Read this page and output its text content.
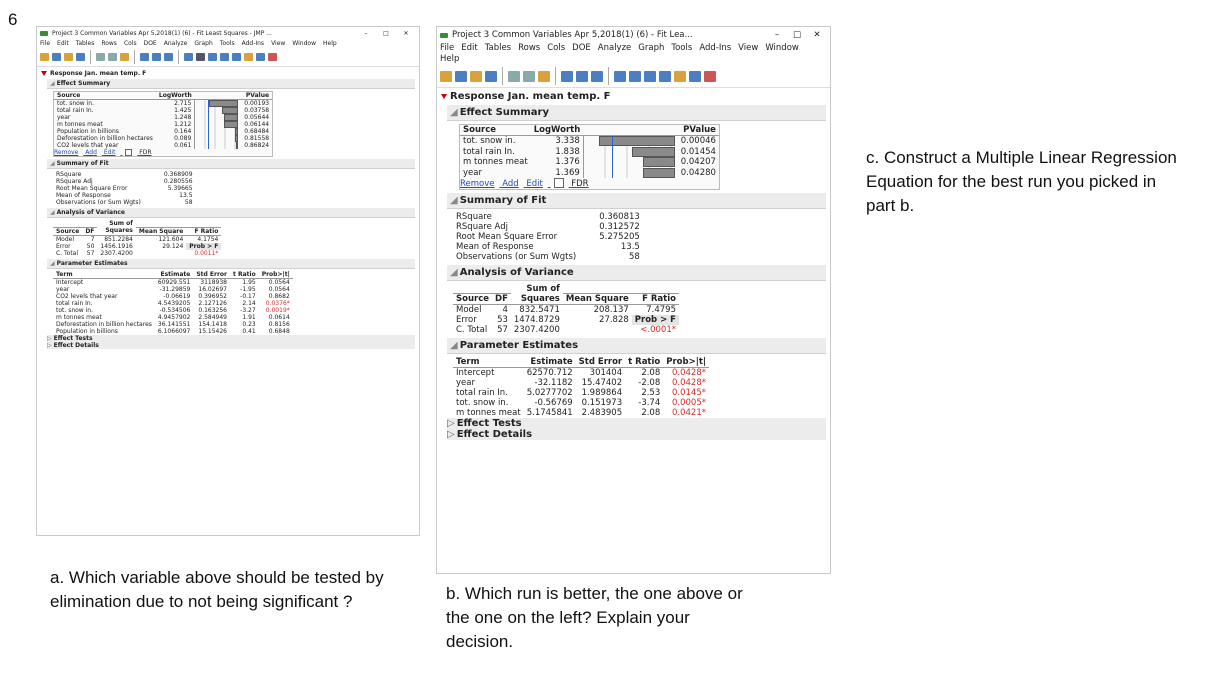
6
Project 3 Common Variables Apr 5,2018(1) (6) - Fit Least Squares - JMP ...	–	□	✕
File Edit Tables Rows Cols DOE Analyze Graph Tools Add-Ins View Window Help
Response Jan. mean temp. F
◢ Effect Summary
Source	LogWorth		PValue
tot. snow in.	2.715		0.00193
total rain In.	1.425		0.03758
year	1.248		0.05644
m tonnes meat	1.212		0.06144
Population in billions	0.164		0.68484
Deforestation in billion hectares	0.089		0.81558
CO2 levels that year	0.061		0.86824
Remove Add Edit	FDR
◢ Summary of Fit
RSquare	0.368909
RSquare Adj	0.280556
Root Mean Square Error	5.39665
Mean of Response	13.5
Observations (or Sum Wgts)	58
◢ Analysis of Variance
		Sum of		
Source	DF	Squares	Mean Square	F Ratio
Model	7	851.2284	121.604	4.1754
Error	50	1456.1916	29.124	Prob > F
C. Total	57	2307.4200		0.0011*
◢ Parameter Estimates
Term	Estimate	Std Error	t Ratio	Prob>|t|
Intercept	60929.551	3118938	1.95	0.0564
year	-31.29859	16.02697	-1.95	0.0564
CO2 levels that year	-0.06619	0.396952	-0.17	0.8682
total rain In.	4.5439205	2.127126	2.14	0.0376*
tot. snow in.	-0.534506	0.163256	-3.27	0.0019*
m tonnes meat	4.9457902	2.584949	1.91	0.0614
Deforestation in billion hectares	36.141551	154.1418	0.23	0.8156
Population in billions	6.1066097	15.15426	0.41	0.6848
▷ Effect Tests
▷ Effect Details
Project 3 Common Variables Apr 5,2018(1) (6) - Fit Lea...	–	□	✕
File Edit Tables Rows Cols DOE Analyze Graph Tools Add-Ins View Window
Help
Response Jan. mean temp. F
◢ Effect Summary
Source	LogWorth		PValue
tot. snow in.	3.338		0.00046
total rain In.	1.838		0.01454
m tonnes meat	1.376		0.04207
year	1.369		0.04280
Remove Add Edit	FDR
◢ Summary of Fit
RSquare	0.360813
RSquare Adj	0.312572
Root Mean Square Error	5.275205
Mean of Response	13.5
Observations (or Sum Wgts)	58
◢ Analysis of Variance
		Sum of		
Source	DF	Squares	Mean Square	F Ratio
Model	4	832.5471	208.137	7.4795
Error	53	1474.8729	27.828	Prob > F
C. Total	57	2307.4200		<.0001*
◢ Parameter Estimates
Term	Estimate	Std Error	t Ratio	Prob>|t|
Intercept	62570.712	301404	2.08	0.0428*
year	-32.1182	15.47402	-2.08	0.0428*
total rain In.	5.0277702	1.989864	2.53	0.0145*
tot. snow in.	-0.56769	0.151973	-3.74	0.0005*
m tonnes meat	5.1745841	2.483905	2.08	0.0421*
▷ Effect Tests
▷ Effect Details
a. Which variable above should be tested by elimination due to not being significant ?	b. Which run is better, the one above or the one on the left? Explain your decision.
c. Construct a Multiple Linear Regression Equation for the best run you picked in part b.
